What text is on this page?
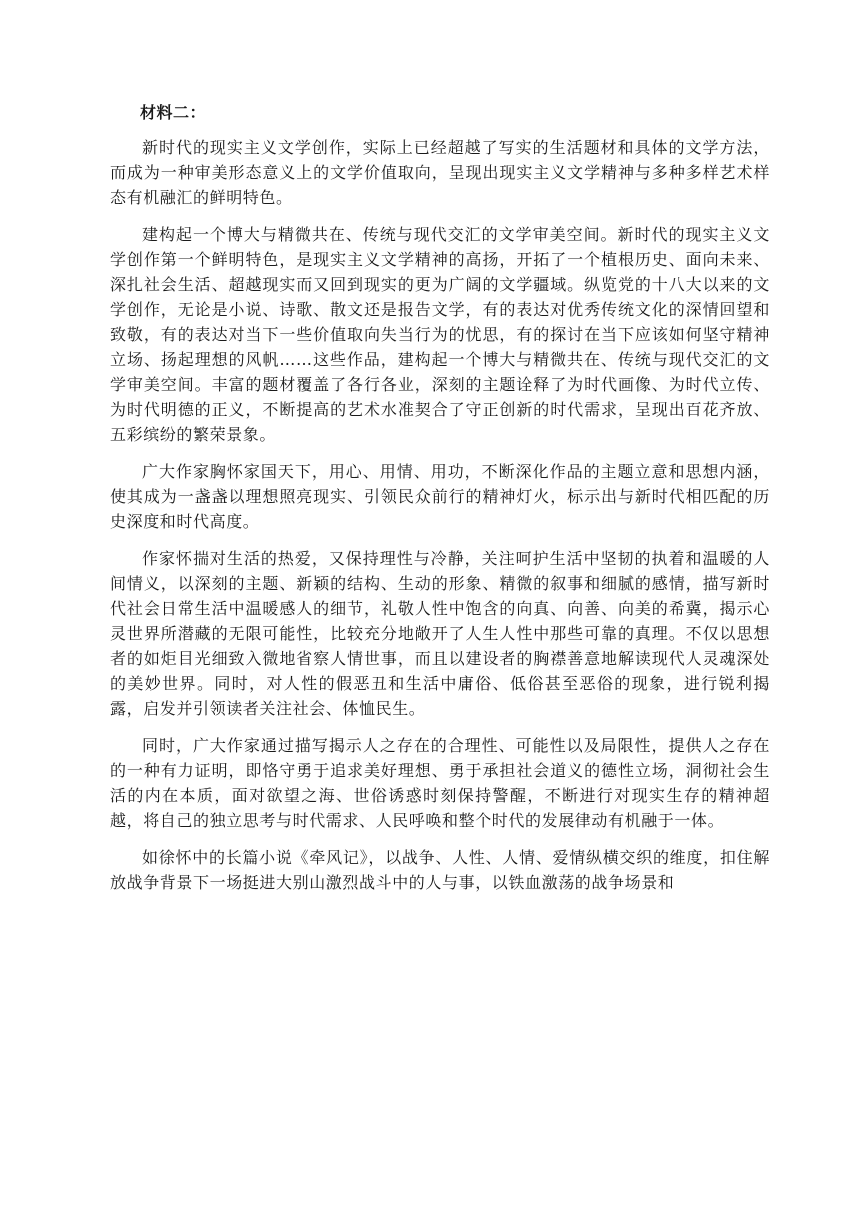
材料二：

新时代的现实主义文学创作，实际上已经超越了写实的生活题材和具体的文学方法，而成为一种审美形态意义上的文学价值取向，呈现出现实主义文学精神与多种多样艺术样态有机融汇的鲜明特色。

建构起一个博大与精微共在、传统与现代交汇的文学审美空间。新时代的现实主义文学创作第一个鲜明特色，是现实主义文学精神的高扬，开拓了一个植根历史、面向未来、深扎社会生活、超越现实而又回到现实的更为广阔的文学疆域。纵览党的十八大以来的文学创作，无论是小说、诗歌、散文还是报告文学，有的表达对优秀传统文化的深情回望和致敬，有的表达对当下一些价值取向失当行为的忧思，有的探讨在当下应该如何坚守精神立场、扬起理想的风帆……这些作品，建构起一个博大与精微共在、传统与现代交汇的文学审美空间。丰富的题材覆盖了各行各业，深刻的主题诠释了为时代画像、为时代立传、为时代明德的正义，不断提高的艺术水准契合了守正创新的时代需求，呈现出百花齐放、五彩缤纷的繁荣景象。

广大作家胸怀家国天下，用心、用情、用功，不断深化作品的主题立意和思想内涵，使其成为一盏盏以理想照亮现实、引领民众前行的精神灯火，标示出与新时代相匹配的历史深度和时代高度。

作家怀揣对生活的热爱，又保持理性与冷静，关注呵护生活中坚韧的执着和温暖的人间情义，以深刻的主题、新颖的结构、生动的形象、精微的叙事和细腻的感情，描写新时代社会日常生活中温暖感人的细节，礼敬人性中饱含的向真、向善、向美的希冀，揭示心灵世界所潜藏的无限可能性，比较充分地敞开了人生人性中那些可靠的真理。不仅以思想者的如炬目光细致入微地省察人情世事，而且以建设者的胸襟善意地解读现代人灵魂深处的美妙世界。同时，对人性的假恶丑和生活中庸俗、低俗甚至恶俗的现象，进行锐利揭露，启发并引领读者关注社会、体恤民生。

同时，广大作家通过描写揭示人之存在的合理性、可能性以及局限性，提供人之存在的一种有力证明，即恪守勇于追求美好理想、勇于承担社会道义的德性立场，洞彻社会生活的内在本质，面对欲望之海、世俗诱惑时刻保持警醒，不断进行对现实生存的精神超越，将自己的独立思考与时代需求、人民呼唤和整个时代的发展律动有机融于一体。

如徐怀中的长篇小说《牵风记》，以战争、人性、人情、爱情纵横交织的维度，扣住解放战争背景下一场挺进大别山激烈战斗中的人与事，以铁血激荡的战争场景和
